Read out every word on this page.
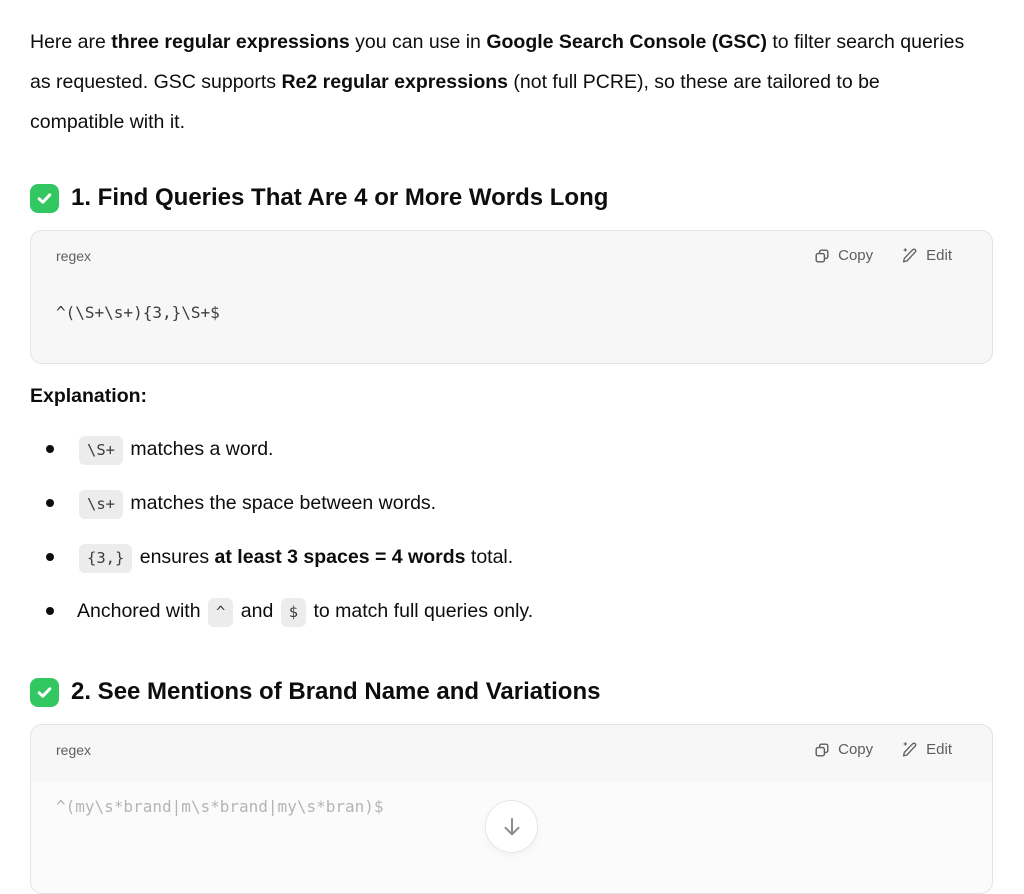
Here are three regular expressions you can use in Google Search Console (GSC) to filter search queries as requested. GSC supports Re2 regular expressions (not full PCRE), so these are tailored to be compatible with it.

1. Find Queries That Are 4 or More Words Long
regex	Copy	Edit
^(\S+\s+){3,}\S+$

Explanation:

\S+ matches a word.
\s+ matches the space between words.
{3,} ensures at least 3 spaces = 4 words total.
Anchored with ^ and $ to match full queries only.
2. See Mentions of Brand Name and Variations
regex	Copy	Edit
^(my\s*brand|m\s*brand|my\s*bran)$
